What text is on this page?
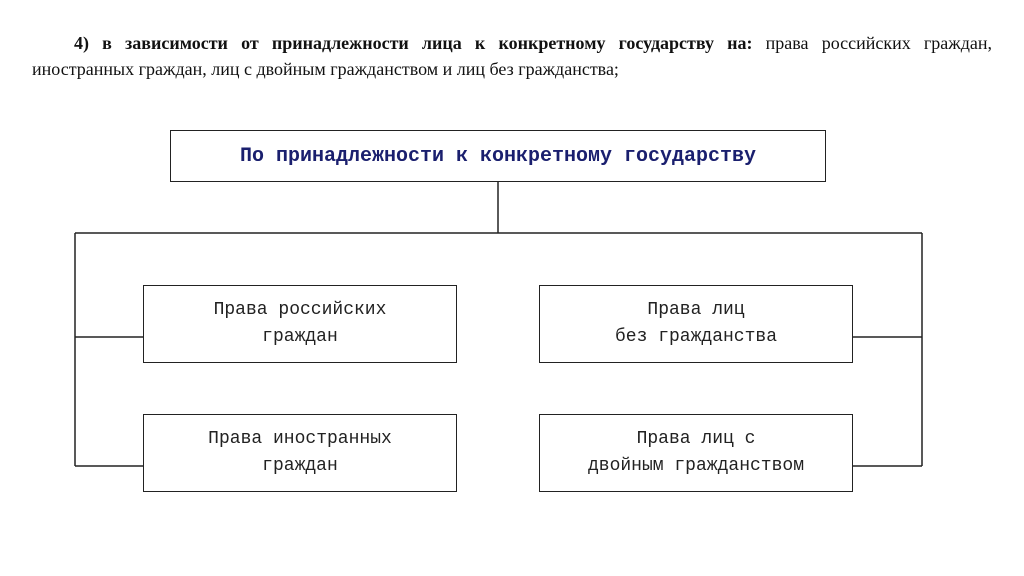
4) в зависимости от принадлежности лица к конкретному государству на: права российских граждан, иностранных граждан, лиц с двойным гражданством и лиц без гражданства;
По принадлежности к конкретному государству
Права российских
граждан
Права лиц
без гражданства
Права иностранных
граждан
Права лиц с
двойным гражданством
